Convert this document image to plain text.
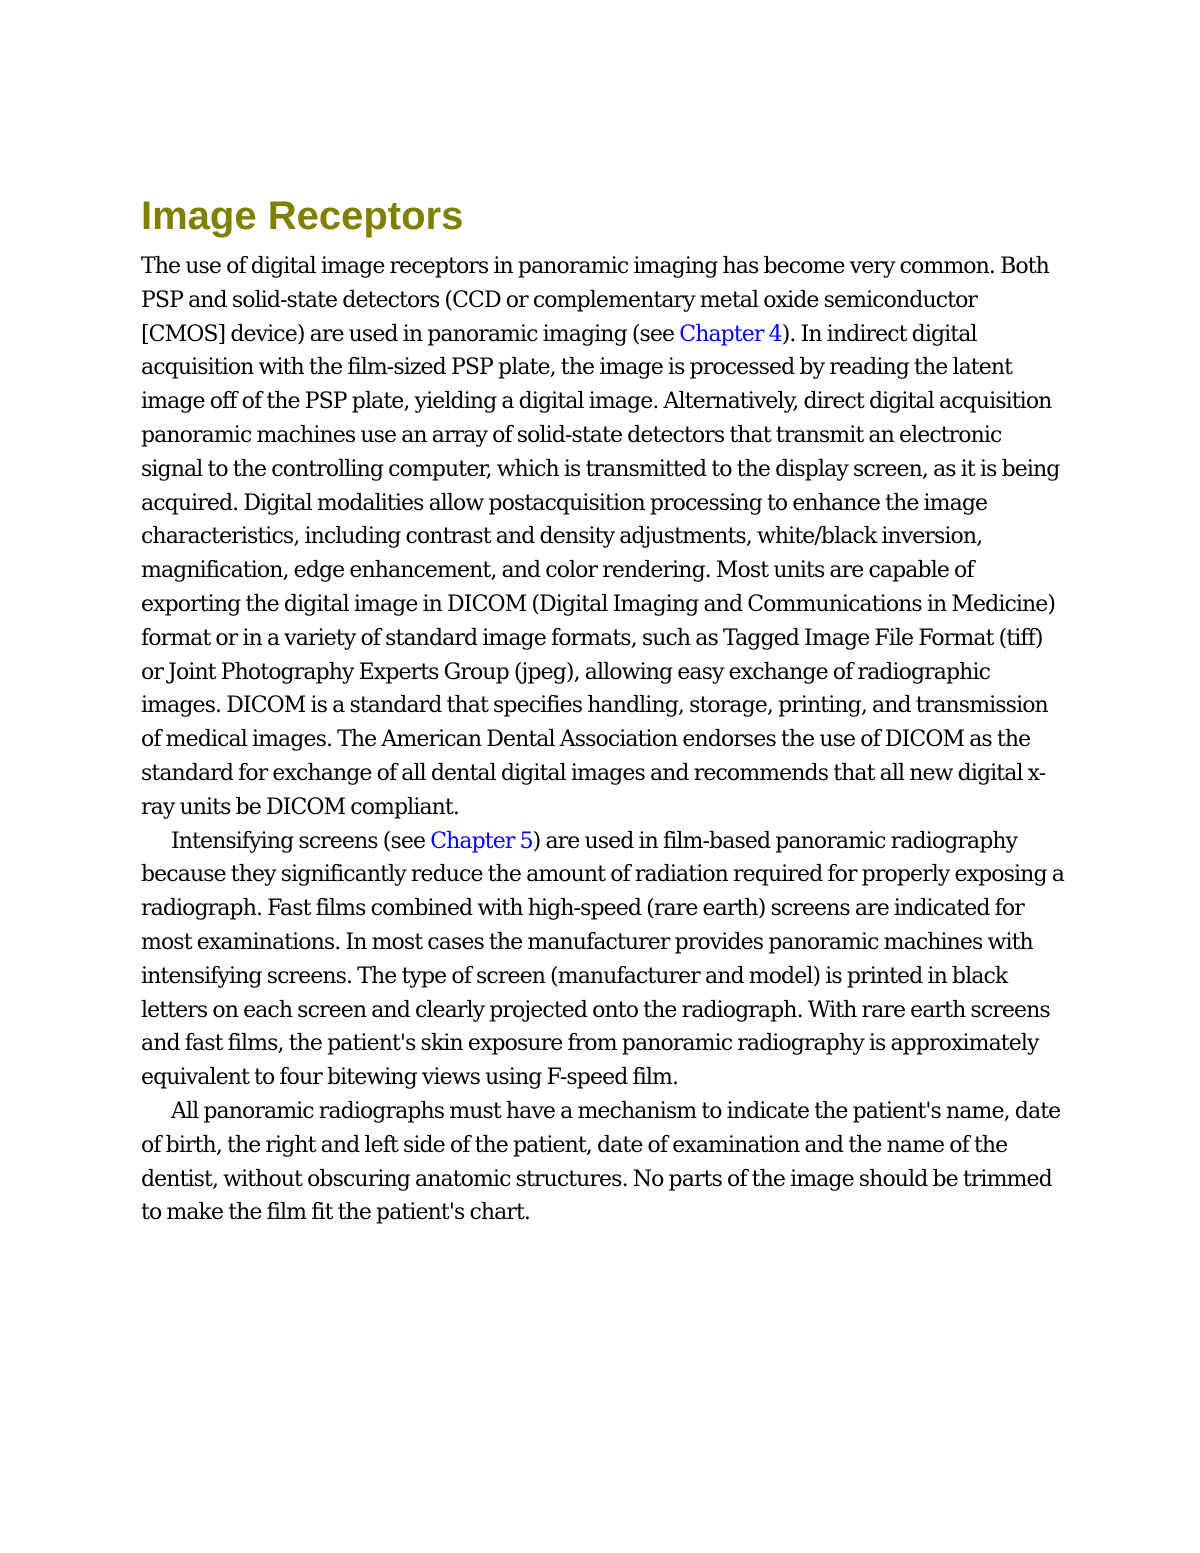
Image Receptors

The use of digital image receptors in panoramic imaging has become very common. Both PSP and solid-state detectors (CCD or complementary metal oxide semiconductor [CMOS] device) are used in panoramic imaging (see Chapter 4). In indirect digital acquisition with the film-sized PSP plate, the image is processed by reading the latent image off of the PSP plate, yielding a digital image. Alternatively, direct digital acquisition panoramic machines use an array of solid-state detectors that transmit an electronic signal to the controlling computer, which is transmitted to the display screen, as it is being acquired. Digital modalities allow postacquisition processing to enhance the image characteristics, including contrast and density adjustments, white/black inversion, magnification, edge enhancement, and color rendering. Most units are capable of exporting the digital image in DICOM (Digital Imaging and Communications in Medicine) format or in a variety of standard image formats, such as Tagged Image File Format (tiff) or Joint Photography Experts Group (jpeg), allowing easy exchange of radiographic images. DICOM is a standard that specifies handling, storage, printing, and transmission of medical images. The American Dental Association endorses the use of DICOM as the standard for exchange of all dental digital images and recommends that all new digital x-ray units be DICOM compliant.

Intensifying screens (see Chapter 5) are used in film-based panoramic radiography because they significantly reduce the amount of radiation required for properly exposing a radiograph. Fast films combined with high-speed (rare earth) screens are indicated for most examinations. In most cases the manufacturer provides panoramic machines with intensifying screens. The type of screen (manufacturer and model) is printed in black letters on each screen and clearly projected onto the radiograph. With rare earth screens and fast films, the patient's skin exposure from panoramic radiography is approximately equivalent to four bitewing views using F-speed film.

All panoramic radiographs must have a mechanism to indicate the patient's name, date of birth, the right and left side of the patient, date of examination and the name of the dentist, without obscuring anatomic structures. No parts of the image should be trimmed to make the film fit the patient's chart.
